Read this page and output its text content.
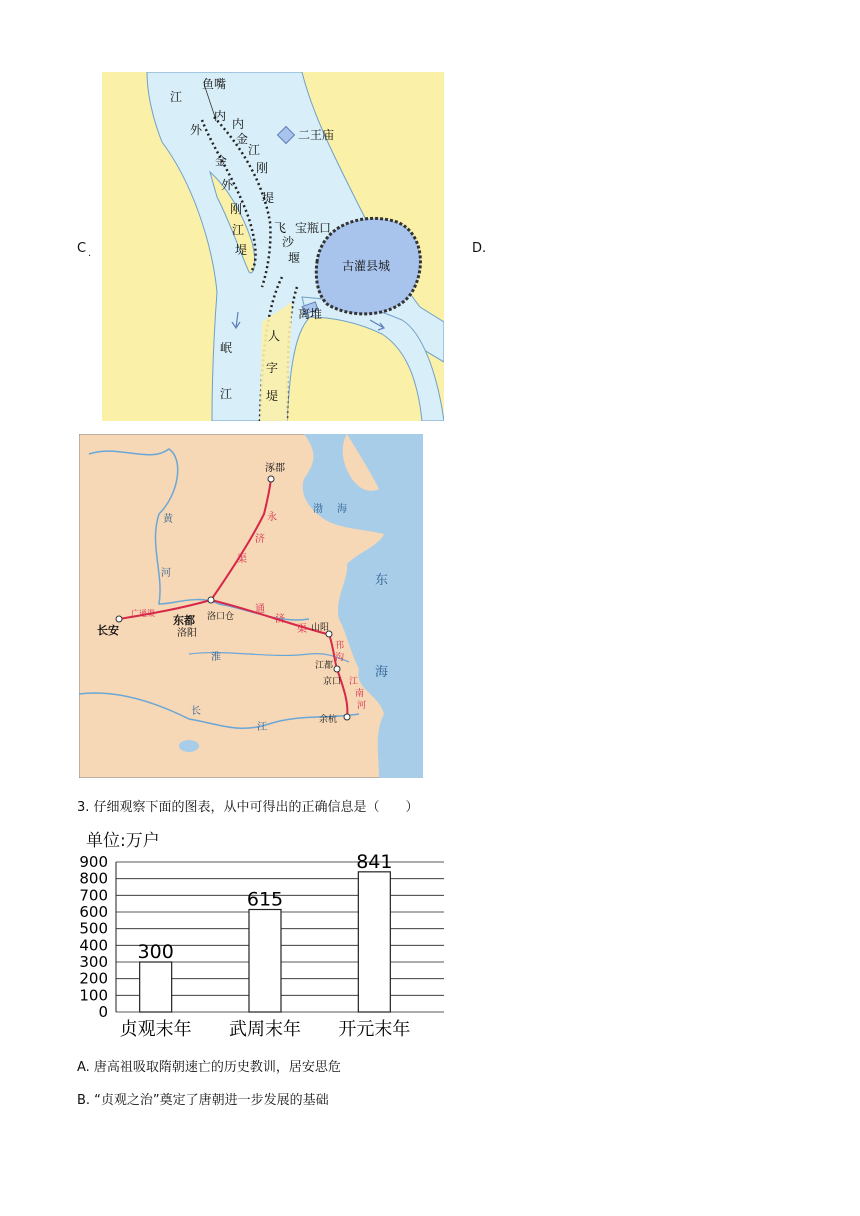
C .	D.
鱼嘴
江
外
内
内
金
江
刚
堤
金
外
刚
江
堤
二王庙
飞
沙
堰
宝瓶口
古灌县城
离堆
人
字
堤
岷
江
涿郡
渤 海
东
海
永
济
渠
通
济
渠
黄
河
长安
东都
洛阳
洛口仓
广通渠
山阳
邗
沟
江都
京口
余杭
江
南
河
长
江
淮
3. 仔细观察下面的图表，从中可得出的正确信息是（　　）
单位:万户
0
100
200
300
400
500
600
700
800
900
300
615
841
贞观末年 武周末年 开元末年
A. 唐高祖吸取隋朝速亡的历史教训，居安思危
B. “贞观之治”奠定了唐朝进一步发展的基础
